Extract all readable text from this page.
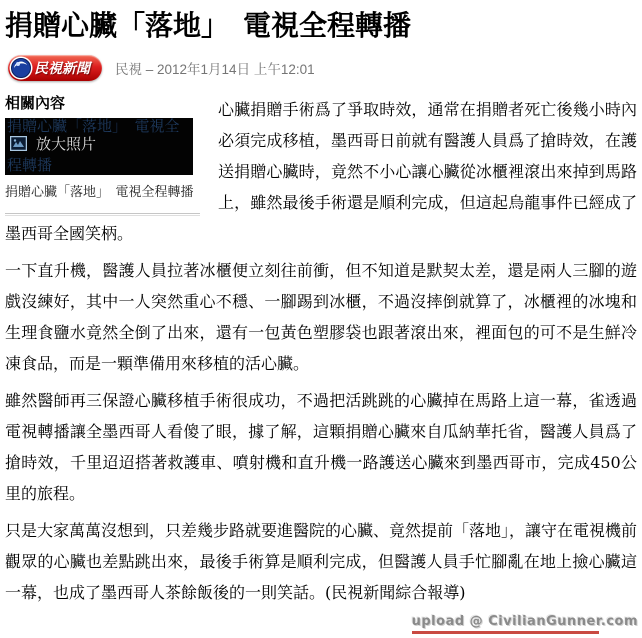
捐贈心臟「落地」　電視全程轉播
民視新聞 民視 – 2012年1月14日 上午12:01
相關內容
捐贈心臟「落地」　電視全程轉播
放大照片
捐贈心臟「落地」　電視全程轉播

心臟捐贈手術爲了爭取時效，通常在捐贈者死亡後幾小時內必須完成移植，墨西哥日前就有醫護人員爲了搶時效，在護送捐贈心臟時，竟然不小心讓心臟從冰櫃裡滾出來掉到馬路上，雖然最後手術還是順利完成，但這起烏龍事件已經成了墨西哥全國笑柄。

一下直升機，醫護人員拉著冰櫃便立刻往前衝，但不知道是默契太差，還是兩人三腳的遊戲沒練好，其中一人突然重心不穩、一腳踢到冰櫃，不過沒摔倒就算了，冰櫃裡的冰塊和生理食鹽水竟然全倒了出來，還有一包黃色塑膠袋也跟著滾出來，裡面包的可不是生鮮冷凍食品，而是一顆準備用來移植的活心臟。

雖然醫師再三保證心臟移植手術很成功，不過把活跳跳的心臟掉在馬路上這一幕，雀透過電視轉播讓全墨西哥人看傻了眼，據了解，這顆捐贈心臟來自瓜納華托省，醫護人員爲了搶時效，千里迢迢搭著救護車、噴射機和直升機一路護送心臟來到墨西哥市，完成450公里的旅程。

只是大家萬萬沒想到，只差幾步路就要進醫院的心臟、竟然提前「落地」，讓守在電視機前觀眾的心臟也差點跳出來，最後手術算是順利完成，但醫護人員手忙腳亂在地上撿心臟這一幕，也成了墨西哥人茶餘飯後的一則笑話。(民視新聞綜合報導)

upload @ CivilianGunner.com
